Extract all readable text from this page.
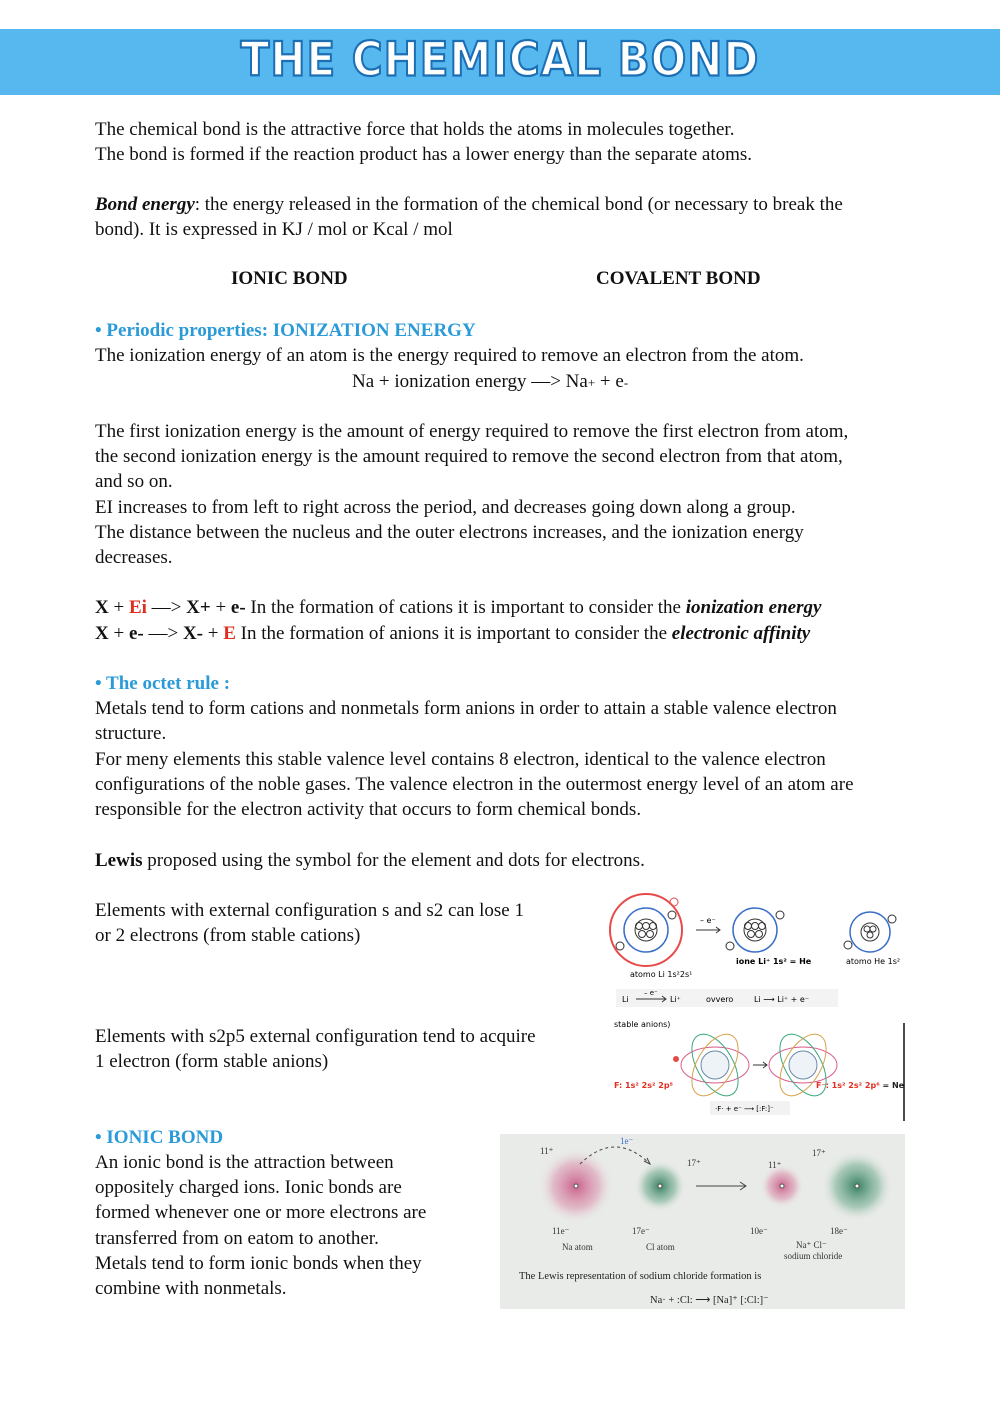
THE CHEMICAL BOND
The chemical bond is the attractive force that holds the atoms in molecules together.
The bond is formed if the reaction product has a lower energy than the separate atoms.
Bond energy: the energy released in the formation of the chemical bond (or necessary to break the
bond). It is expressed in KJ / mol or Kcal / mol
IONIC BOND	COVALENT BOND
• Periodic properties: IONIZATION ENERGY
The ionization energy of an atom is the energy required to remove an electron from the atom.
Na + ionization energy —> Na+ + e-
The first ionization energy is the amount of energy required to remove the first electron from atom,
the second ionization energy is the amount required to remove the second electron from that atom,
and so on.
EI increases to from left to right across the period, and decreases going down along a group.
The distance between the nucleus and the outer electrons increases, and the ionization energy
decreases.
X + Ei —> X+ + e- In the formation of cations it is important to consider the ionization energy
X + e- —> X- + E In the formation of anions it is important to consider the electronic affinity
• The octet rule :
Metals tend to form cations and nonmetals form anions in order to attain a stable valence electron
structure.
For meny elements this stable valence level contains 8 electron, identical to the valence electron
configurations of the noble gases. The valence electron in the outermost energy level of an atom are
responsible for the electron activity that occurs to form chemical bonds.
Lewis proposed using the symbol for the element and dots for electrons.
Elements with external configuration s and s2 can lose 1
or 2 electrons (from stable cations)
Elements with s2p5 external configuration tend to acquire
1 electron (form stable anions)
• IONIC BOND
An ionic bond is the attraction between
oppositely charged ions. Ionic bonds are
formed whenever one or more electrons are
transferred from on eatom to another.
Metals tend to form ionic bonds when they
combine with nonmetals.
– e⁻
atomo Li 1s²2s¹
ione Li⁺ 1s² = He	atomo He 1s²
Li
– e⁻
Li⁺	ovvero	Li ⟶ Li⁺ + e⁻
stable anions)
F: 1s² 2s² 2p⁵	F⁻: 1s² 2s² 2p⁶ = Ne
·F· + e⁻ ⟶ [:F:]⁻
1e⁻
11⁺
17⁺	11⁺
17⁺
11e⁻	17e⁻	10e⁻	18e⁻
Na atom	Cl atom	Na⁺ Cl⁻
sodium chloride
The Lewis representation of sodium chloride formation is
Na· + :Cl: ⟶ [Na]⁺ [:Cl:]⁻
